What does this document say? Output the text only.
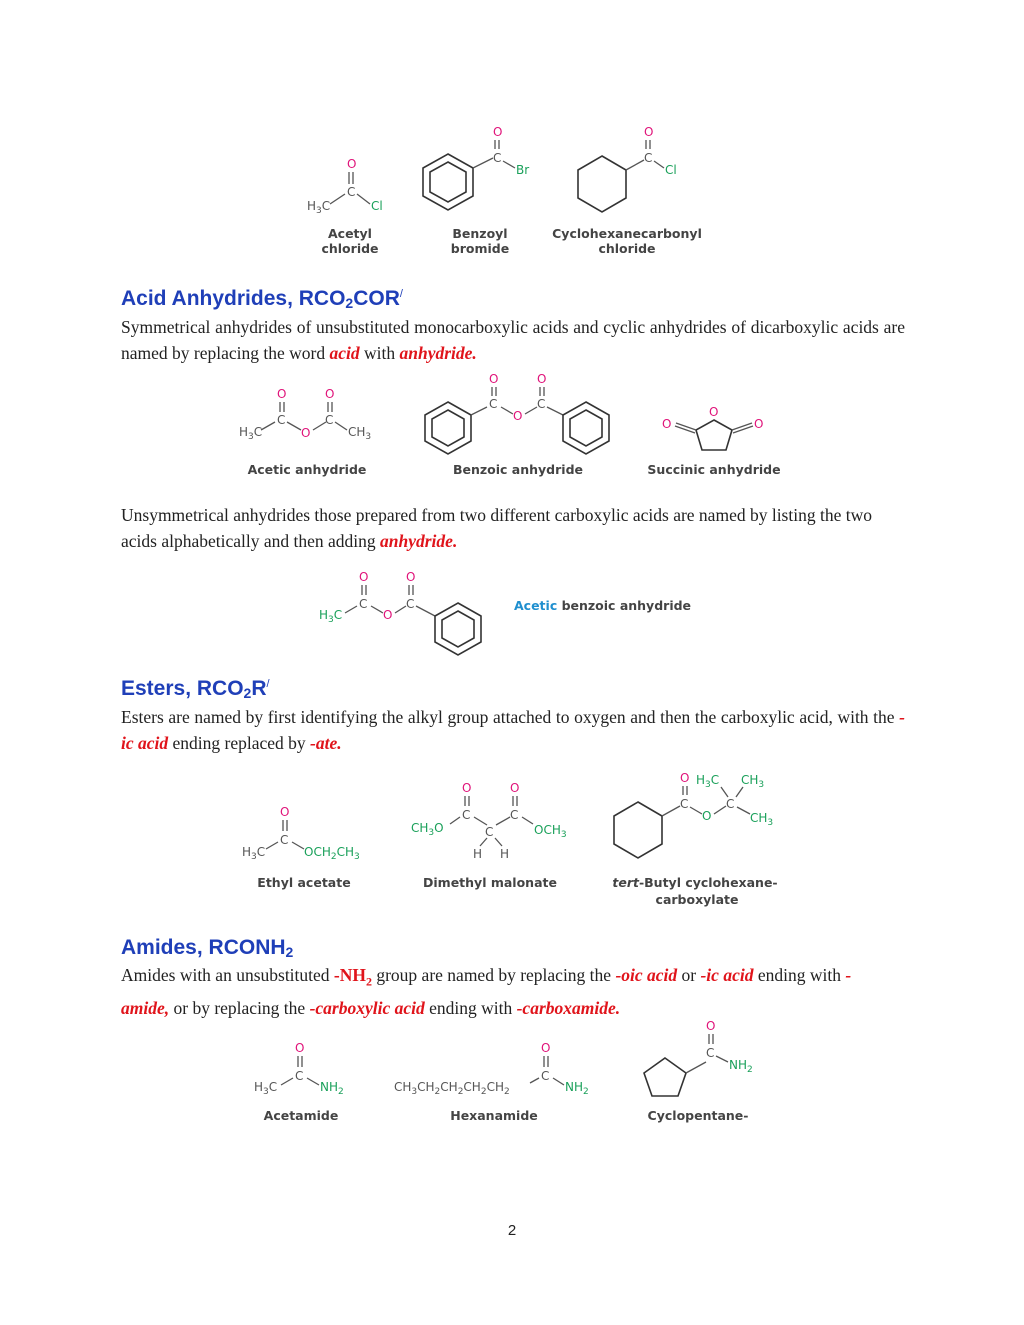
O
C
$H_3C$	Cl
Acetyl
chloride
O
C
Br
Benzoyl
bromide
O
C
Cl
Cyclohexanecarbonyl
chloride
Acid Anhydrides, $RCO_2COR^/$

Symmetrical anhydrides of unsubstituted monocarboxylic acids and cyclic anhydrides of dicarboxylic acids are named by replacing the word acid with anhydride.

O
C
$H_3C$	O
O
C
$CH_3$
Acetic anhydride
O
C
O
O
C
Benzoic anhydride
O
O	O
Succinic anhydride

Unsymmetrical anhydrides those prepared from two different carboxylic acids are named by listing the two acids alphabetically and then adding anhydride.

O
C
$H_3C$	O
O
C	Acetic benzoic anhydride
Esters, $RCO_2R^/$

Esters are named by first identifying the alkyl group attached to oxygen and then the carboxylic acid, with the -ic acid ending replaced by -ate.

O
C
$H_3C$	$OCH_2CH_3$
Ethyl acetate
O
C
$CH_3O$	C
H H
O
C
$OCH_3$
Dimethyl malonate
O
C
O
C
$H_3C$ $CH_3$
$CH_3$
tert-Butyl cyclohexane-
carboxylate
Amides, $RCONH_2$

Amides with an unsubstituted $-NH_2$ group are named by replacing the -oic acid or -ic acid ending with -amide, or by replacing the -carboxylic acid ending with -carboxamide.

O
C
$H_3C$	$NH_2$
Acetamide
$CH_3CH_2CH_2CH_2CH_2$
O
C
$NH_2$
Hexanamide
O
C
$NH_2$
Cyclopentane-
2
